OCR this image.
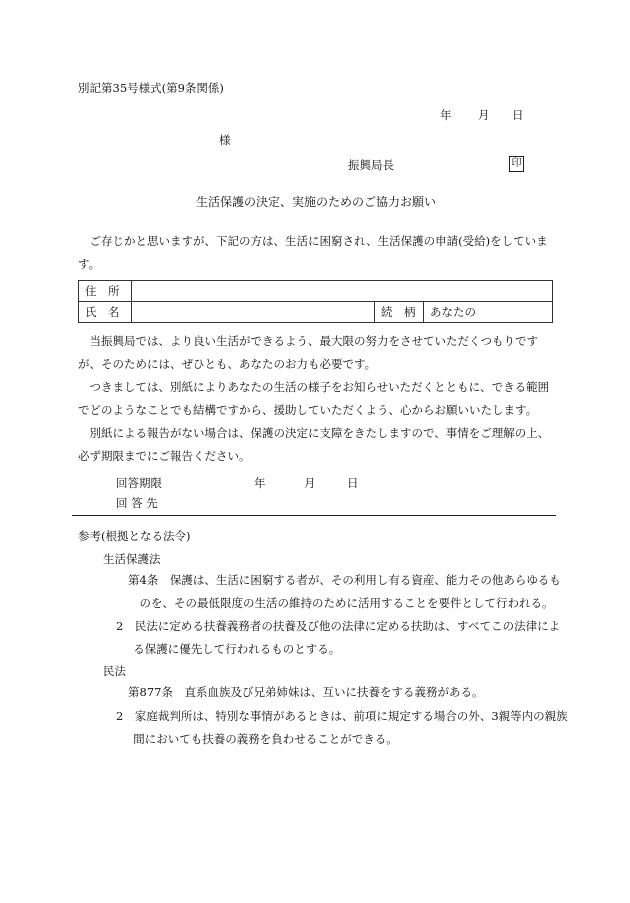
別記第35号様式(第9条関係)
年 月 日
様
振興局長	印
生活保護の決定、実施のためのご協力お願い
ご存じかと思いますが、下記の方は、生活に困窮され、生活保護の申請(受給)をしています。
住　所			
氏　名		続　柄	あなたの
当振興局では、より良い生活ができるよう、最大限の努力をさせていただくつもりですが、そのためには、ぜひとも、あなたのお力も必要です。
つきましては、別紙によりあなたの生活の様子をお知らせいただくとともに、できる範囲でどのようなことでも結構ですから、援助していただくよう、心からお願いいたします。
別紙による報告がない場合は、保護の決定に支障をきたしますので、事情をご理解の上、必ず期限までにご報告ください。
回答期限	年	月	日
回 答 先
参考(根拠となる法令)
生活保護法
第4条　保護は、生活に困窮する者が、その利用し有る資産、能力その他あらゆるものを、その最低限度の生活の維持のために活用することを要件として行われる。
2　民法に定める扶養義務者の扶養及び他の法律に定める扶助は、すべてこの法律による保護に優先して行われるものとする。
民法
第877条　直系血族及び兄弟姉妹は、互いに扶養をする義務がある。
2　家庭裁判所は、特別な事情があるときは、前項に規定する場合の外、3親等内の親族間においても扶養の義務を負わせることができる。
